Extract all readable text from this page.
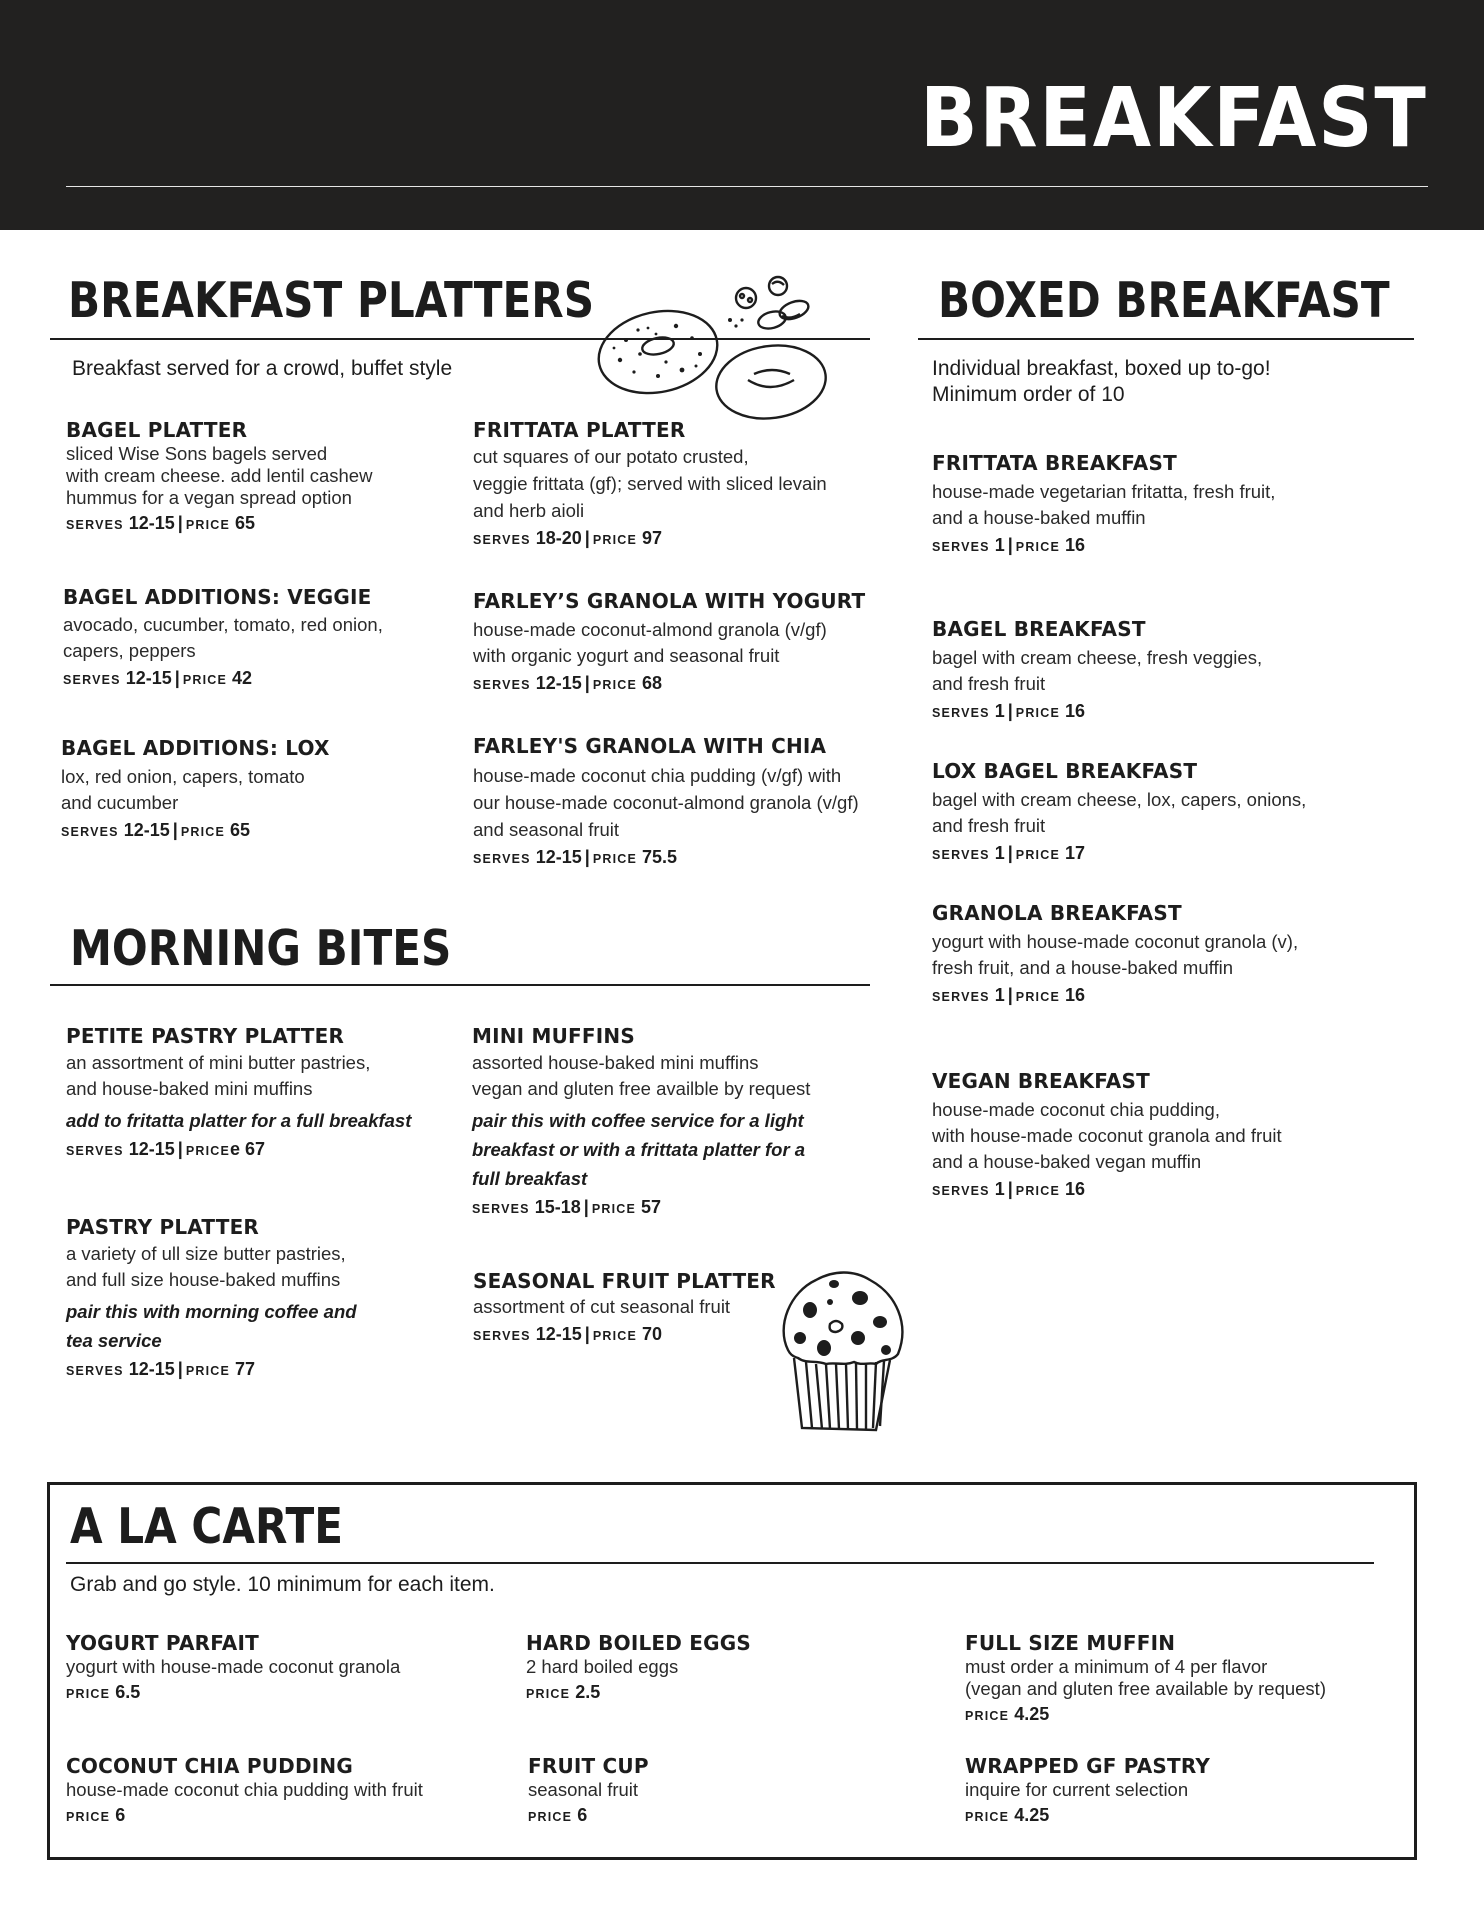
BREAKFAST
BREAKFAST PLATTERS
Breakfast served for a crowd, buffet style
BAGEL PLATTER
sliced Wise Sons bagels served
with cream cheese. add lentil cashew
hummus for a vegan spread option
SERVES 12-15 | PRICE 65
BAGEL ADDITIONS: VEGGIE
avocado, cucumber, tomato, red onion,
capers, peppers
SERVES 12-15 | PRICE 42
BAGEL ADDITIONS: LOX
lox, red onion, capers, tomato
and cucumber
SERVES 12-15 | PRICE 65
FRITTATA PLATTER
cut squares of our potato crusted,
veggie frittata (gf); served with sliced levain
and herb aioli
SERVES 18-20 | PRICE 97
FARLEY’S GRANOLA WITH YOGURT
house-made coconut-almond granola (v/gf)
with organic yogurt and seasonal fruit
SERVES 12-15 | PRICE 68
FARLEY'S GRANOLA WITH CHIA
house-made coconut chia pudding (v/gf) with
our house-made coconut-almond granola (v/gf)
and seasonal fruit
SERVES 12-15 | PRICE 75.5
BOXED BREAKFAST
Individual breakfast, boxed up to-go!
Minimum order of 10
FRITTATA BREAKFAST
house-made vegetarian fritatta, fresh fruit,
and a house-baked muffin
SERVES 1 | PRICE 16
BAGEL BREAKFAST
bagel with cream cheese, fresh veggies,
and fresh fruit
SERVES 1 | PRICE 16
LOX BAGEL BREAKFAST
bagel with cream cheese, lox, capers, onions,
and fresh fruit
SERVES 1 | PRICE 17
GRANOLA BREAKFAST
yogurt with house-made coconut granola (v),
fresh fruit, and a house-baked muffin
SERVES 1 | PRICE 16
VEGAN BREAKFAST
house-made coconut chia pudding,
with house-made coconut granola and fruit
and a house-baked vegan muffin
SERVES 1 | PRICE 16
MORNING BITES
PETITE PASTRY PLATTER
an assortment of mini butter pastries,
and house-baked mini muffins
add to fritatta platter for a full breakfast
SERVES 12-15 | PRICEe 67
PASTRY PLATTER
a variety of ull size butter pastries,
and full size house-baked muffins
pair this with morning coffee and
tea service
SERVES 12-15 | PRICE 77
MINI MUFFINS
assorted house-baked mini muffins
vegan and gluten free availble by request
pair this with coffee service for a light
breakfast or with a frittata platter for a
full breakfast
SERVES 15-18 | PRICE 57
SEASONAL FRUIT PLATTER
assortment of cut seasonal fruit
SERVES 12-15 | PRICE 70
A LA CARTE
Grab and go style. 10 minimum for each item.
YOGURT PARFAIT
yogurt with house-made coconut granola
PRICE 6.5
COCONUT CHIA PUDDING
house-made coconut chia pudding with fruit
PRICE 6
HARD BOILED EGGS
2 hard boiled eggs
PRICE 2.5
FRUIT CUP
seasonal fruit
PRICE 6
FULL SIZE MUFFIN
must order a minimum of 4 per flavor
(vegan and gluten free available by request)
PRICE 4.25
WRAPPED GF PASTRY
inquire for current selection
PRICE 4.25
